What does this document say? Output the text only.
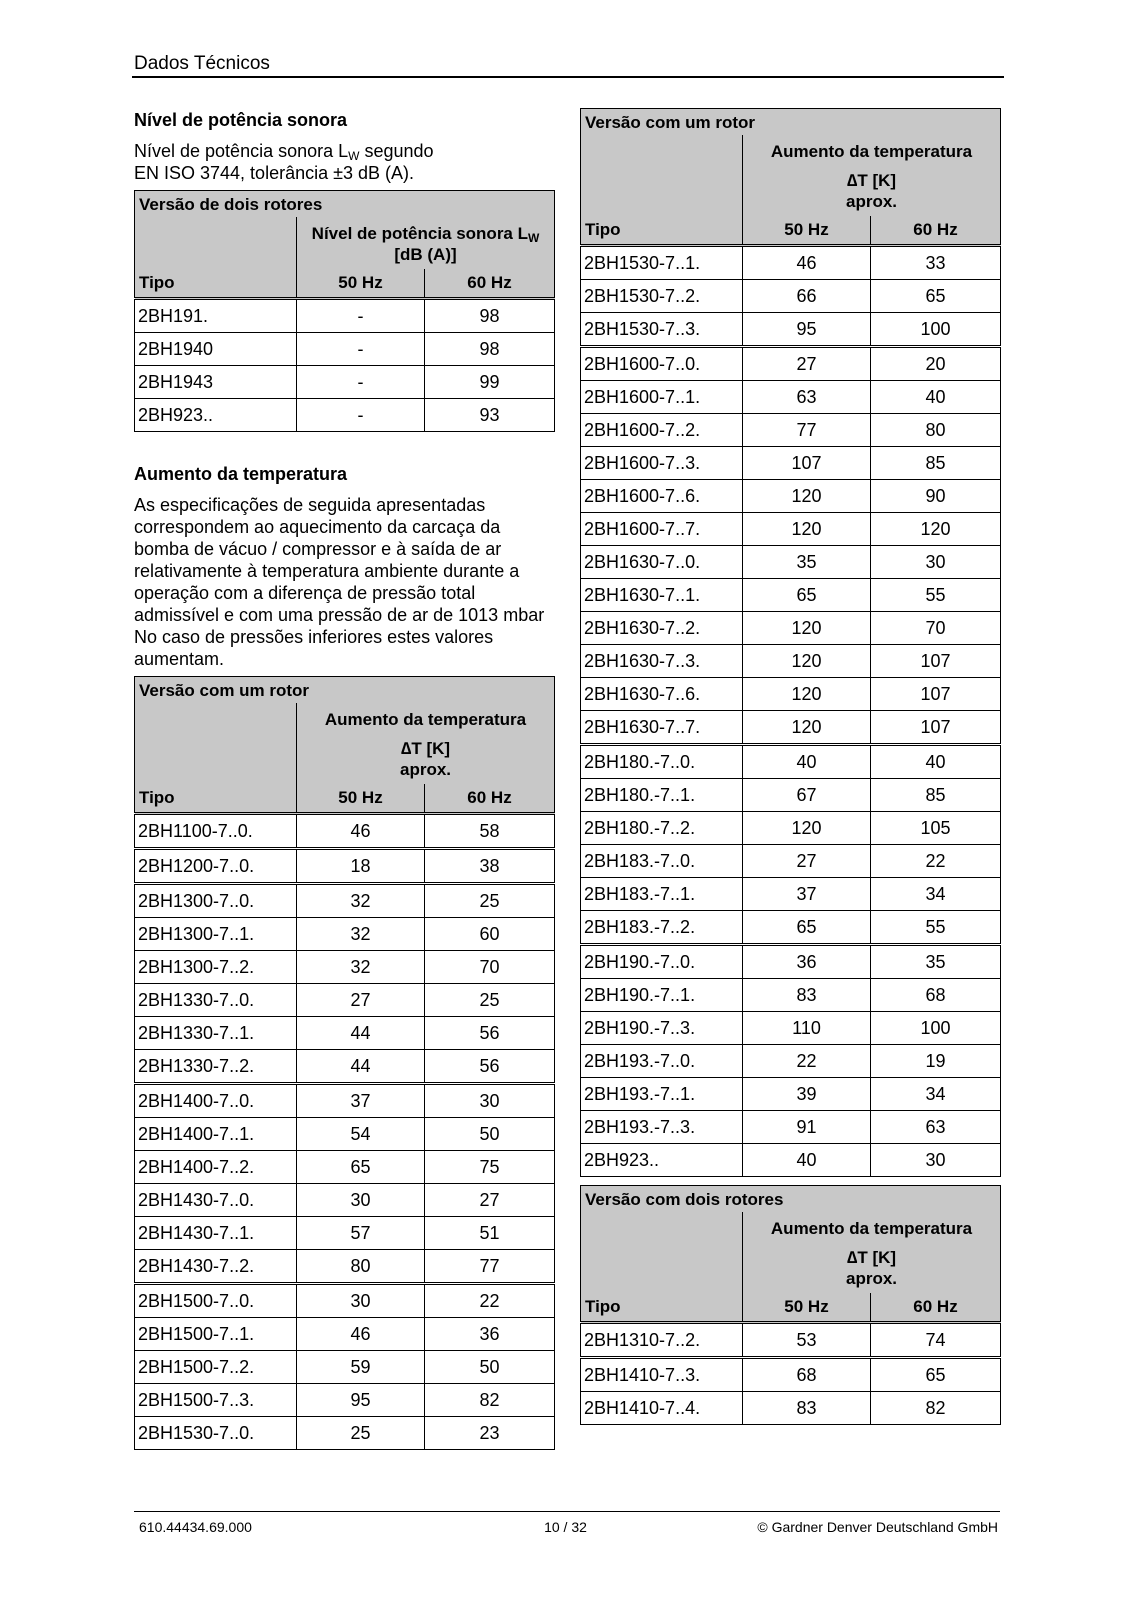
Dados Técnicos
Nível de potência sonora

Nível de potência sonora $L_W$ segundo
EN ISO 3744, tolerância ±3 dB (A).

Versão de dois rotores		
	Nível de potência sonora $L_W$
[dB (A)]	
Tipo	50 Hz	60 Hz
2BH191.	-	98
2BH1940	-	98
2BH1943	-	99
2BH923..	-	93
Aumento da temperatura

As especificações de seguida apresentadas correspondem ao aquecimento da carcaça da bomba de vácuo / compressor e à saída de ar relativamente à temperatura ambiente durante a operação com a diferença de pressão total admissível e com uma pressão de ar de 1013 mbar No caso de pressões inferiores estes valores aumentam.

Versão com um rotor		
	Aumento da temperatura
∆T [K]
aprox.	
Tipo	50 Hz	60 Hz
2BH1100-7..0.	46	58
2BH1200-7..0.	18	38
2BH1300-7..0.	32	25
2BH1300-7..1.	32	60
2BH1300-7..2.	32	70
2BH1330-7..0.	27	25
2BH1330-7..1.	44	56
2BH1330-7..2.	44	56
2BH1400-7..0.	37	30
2BH1400-7..1.	54	50
2BH1400-7..2.	65	75
2BH1430-7..0.	30	27
2BH1430-7..1.	57	51
2BH1430-7..2.	80	77
2BH1500-7..0.	30	22
2BH1500-7..1.	46	36
2BH1500-7..2.	59	50
2BH1500-7..3.	95	82
2BH1530-7..0.	25	23
Versão com um rotor		
	Aumento da temperatura
∆T [K]
aprox.	
Tipo	50 Hz	60 Hz
2BH1530-7..1.	46	33
2BH1530-7..2.	66	65
2BH1530-7..3.	95	100
2BH1600-7..0.	27	20
2BH1600-7..1.	63	40
2BH1600-7..2.	77	80
2BH1600-7..3.	107	85
2BH1600-7..6.	120	90
2BH1600-7..7.	120	120
2BH1630-7..0.	35	30
2BH1630-7..1.	65	55
2BH1630-7..2.	120	70
2BH1630-7..3.	120	107
2BH1630-7..6.	120	107
2BH1630-7..7.	120	107
2BH180.-7..0.	40	40
2BH180.-7..1.	67	85
2BH180.-7..2.	120	105
2BH183.-7..0.	27	22
2BH183.-7..1.	37	34
2BH183.-7..2.	65	55
2BH190.-7..0.	36	35
2BH190.-7..1.	83	68
2BH190.-7..3.	110	100
2BH193.-7..0.	22	19
2BH193.-7..1.	39	34
2BH193.-7..3.	91	63
2BH923..	40	30
Versão com dois rotores		
	Aumento da temperatura
∆T [K]
aprox.	
Tipo	50 Hz	60 Hz
2BH1310-7..2.	53	74
2BH1410-7..3.	68	65
2BH1410-7..4.	83	82
610.44434.69.000	10 / 32	© Gardner Denver Deutschland GmbH
